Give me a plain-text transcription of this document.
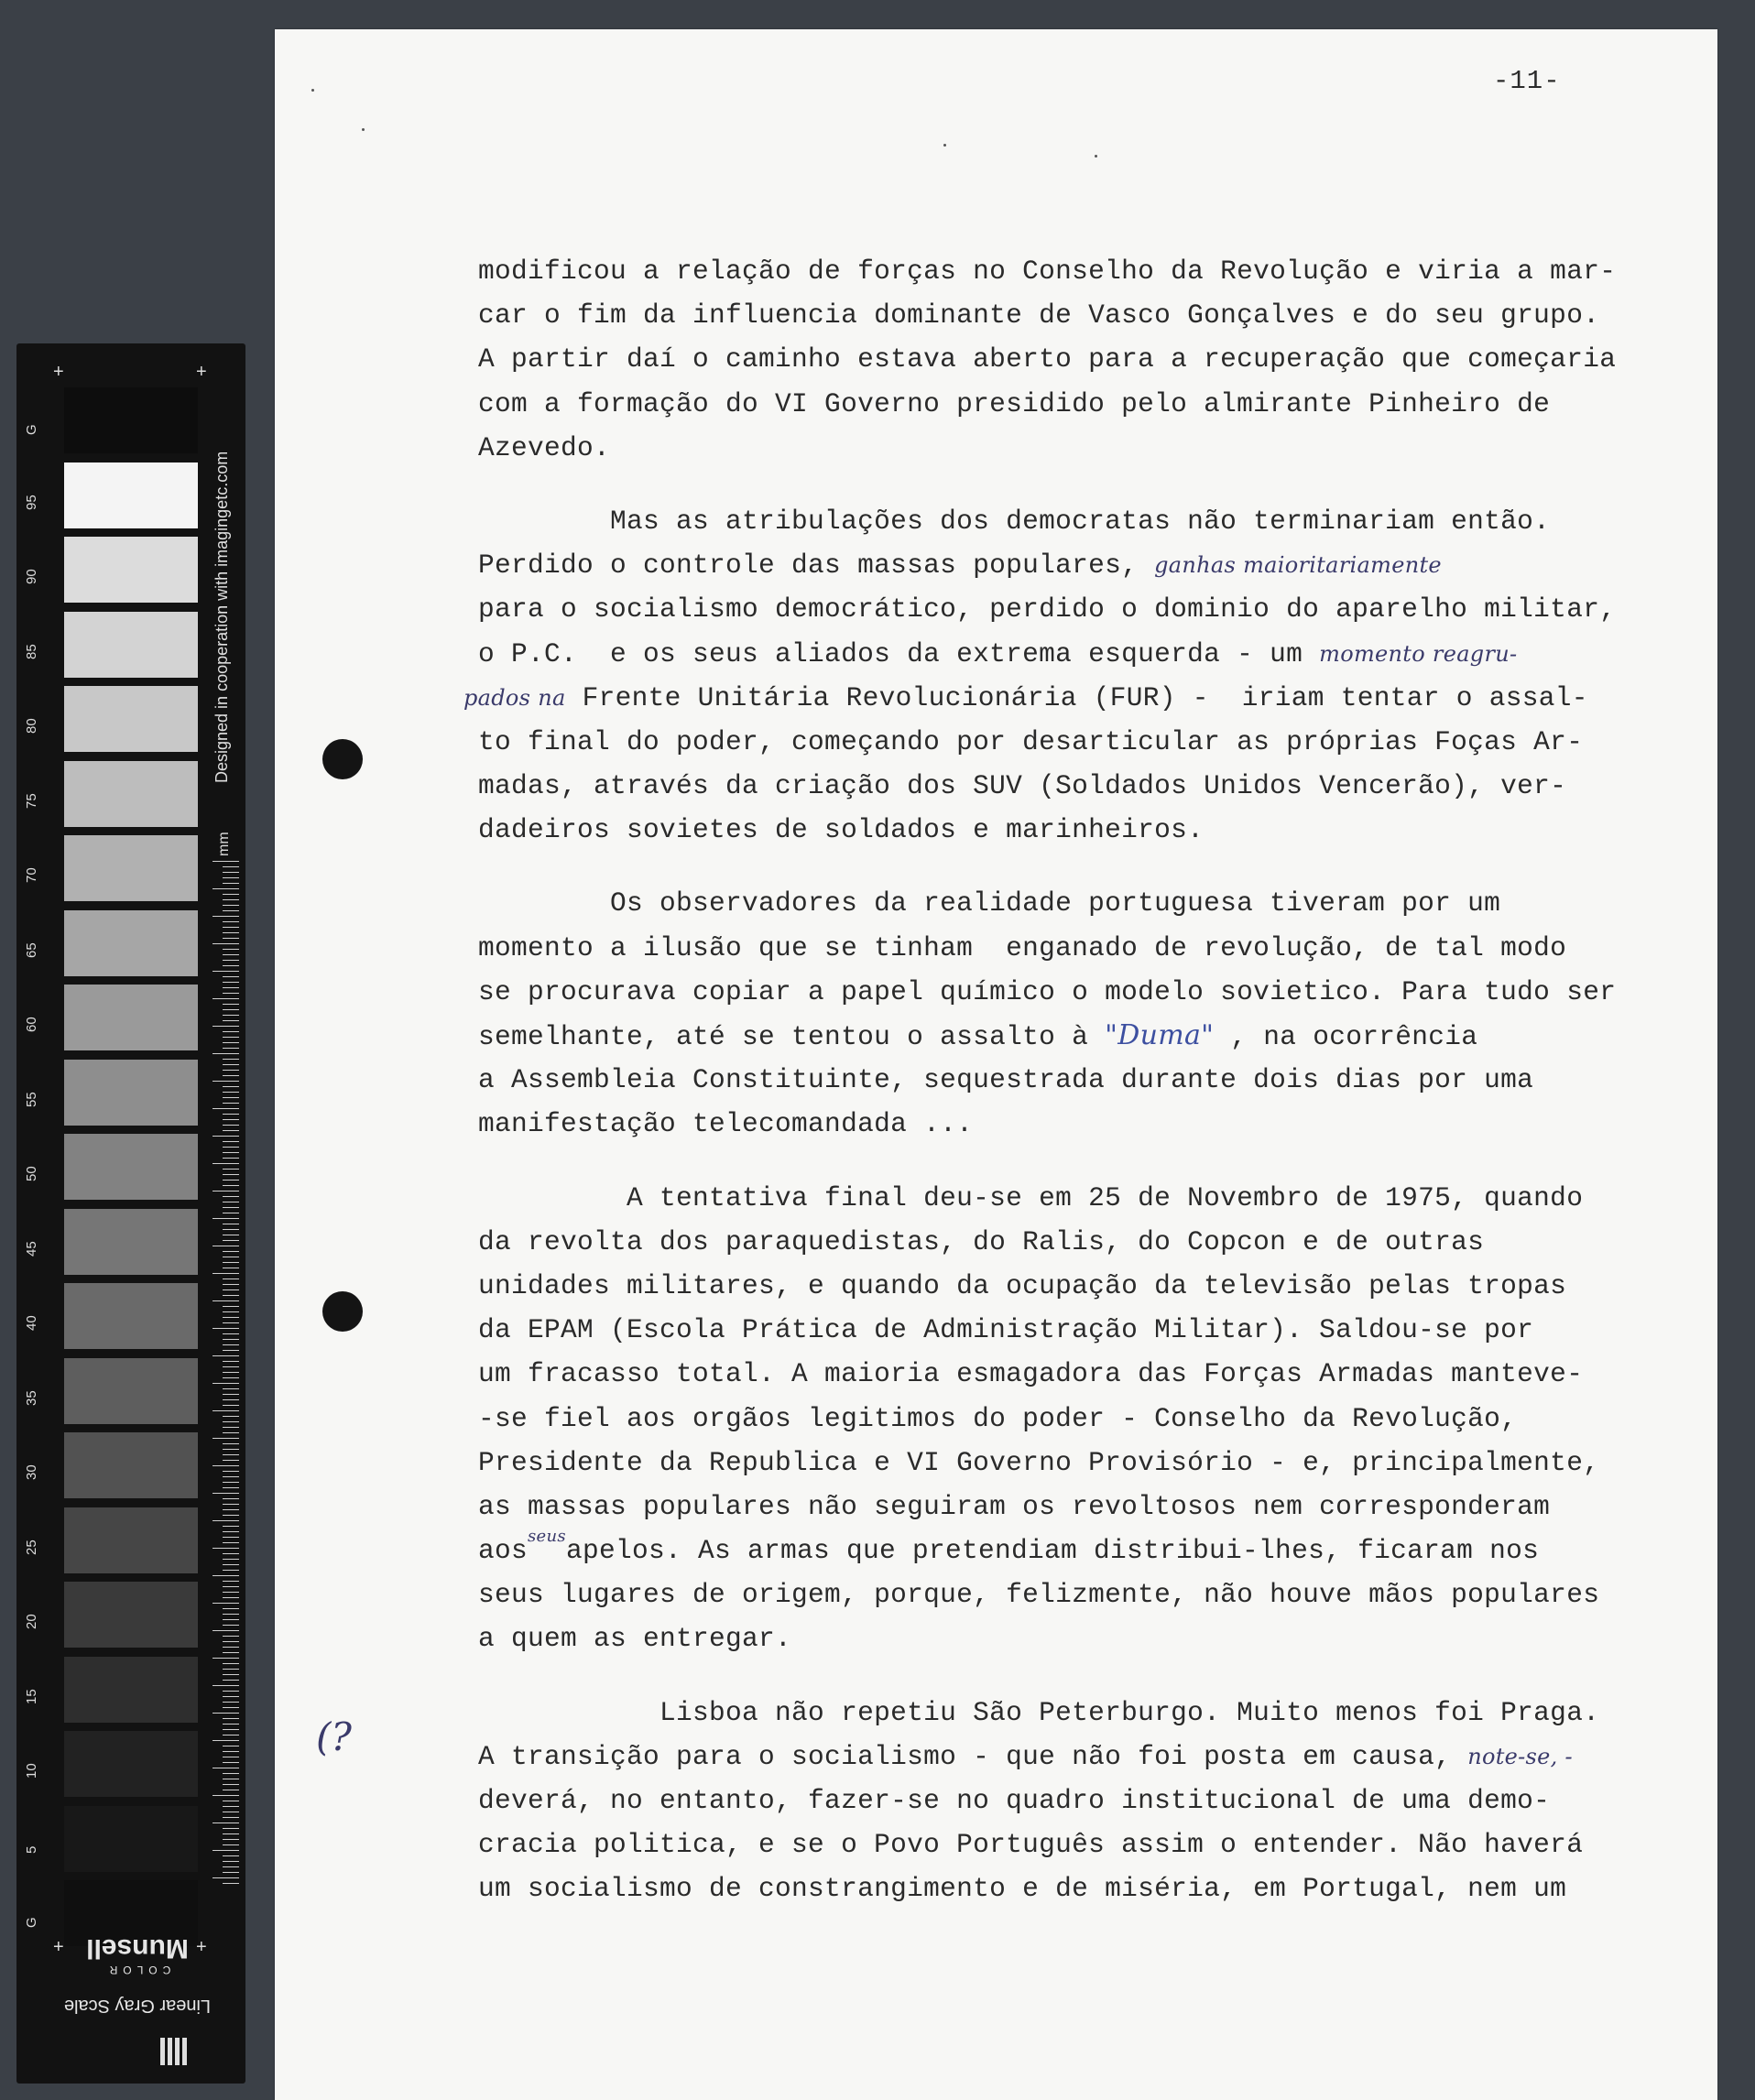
+	+
G
95
90
85
80
75
70
65
60
55
50
45
40
35
30
25
20
15
10
5
G
+	+
Designed in cooperation with imagingetc.com
mm
Linear Gray Scale
COLOR
Munsell
-11-
(?
modificou a relação de forças no Conselho da Revolução e viria a mar-
car o fim da influencia dominante de Vasco Gonçalves e do seu grupo.
A partir daí o caminho estava aberto para a recuperação que começaria
com a formação do VI Governo presidido pelo almirante Pinheiro de
Azevedo.
Mas as atribulações dos democratas não terminariam então.
Perdido o controle das massas populares, ganhas maioritariamente
para o socialismo democrático, perdido o dominio do aparelho militar,
o P.C.  e os seus aliados da extrema esquerda - um momento reagru-
pados na Frente Unitária Revolucionária (FUR) -  iriam tentar o assal-
to final do poder, começando por desarticular as próprias Foças Ar-
madas, através da criação dos SUV (Soldados Unidos Vencerão), ver-
dadeiros sovietes de soldados e marinheiros.
Os observadores da realidade portuguesa tiveram por um
momento a ilusão que se tinham  enganado de revolução, de tal modo
se procurava copiar a papel químico o modelo sovietico. Para tudo ser
semelhante, até se tentou o assalto à "Duma" , na ocorrência
a Assembleia Constituinte, sequestrada durante dois dias por uma
manifestação telecomandada ...
A tentativa final deu-se em 25 de Novembro de 1975, quando
da revolta dos paraquedistas, do Ralis, do Copcon e de outras
unidades militares, e quando da ocupação da televisão pelas tropas
da EPAM (Escola Prática de Administração Militar). Saldou-se por
um fracasso total. A maioria esmagadora das Forças Armadas manteve-
-se fiel aos orgãos legitimos do poder - Conselho da Revolução,
Presidente da Republica e VI Governo Provisório - e, principalmente,
as massas populares não seguiram os revoltosos nem corresponderam
aos$^{seus}$apelos. As armas que pretendiam distribui-lhes, ficaram nos
seus lugares de origem, porque, felizmente, não houve mãos populares
a quem as entregar.
Lisboa não repetiu São Peterburgo. Muito menos foi Praga.
A transição para o socialismo - que não foi posta em causa, note-se, -
deverá, no entanto, fazer-se no quadro institucional de uma demo-
cracia politica, e se o Povo Português assim o entender. Não haverá
um socialismo de constrangimento e de miséria, em Portugal, nem um
